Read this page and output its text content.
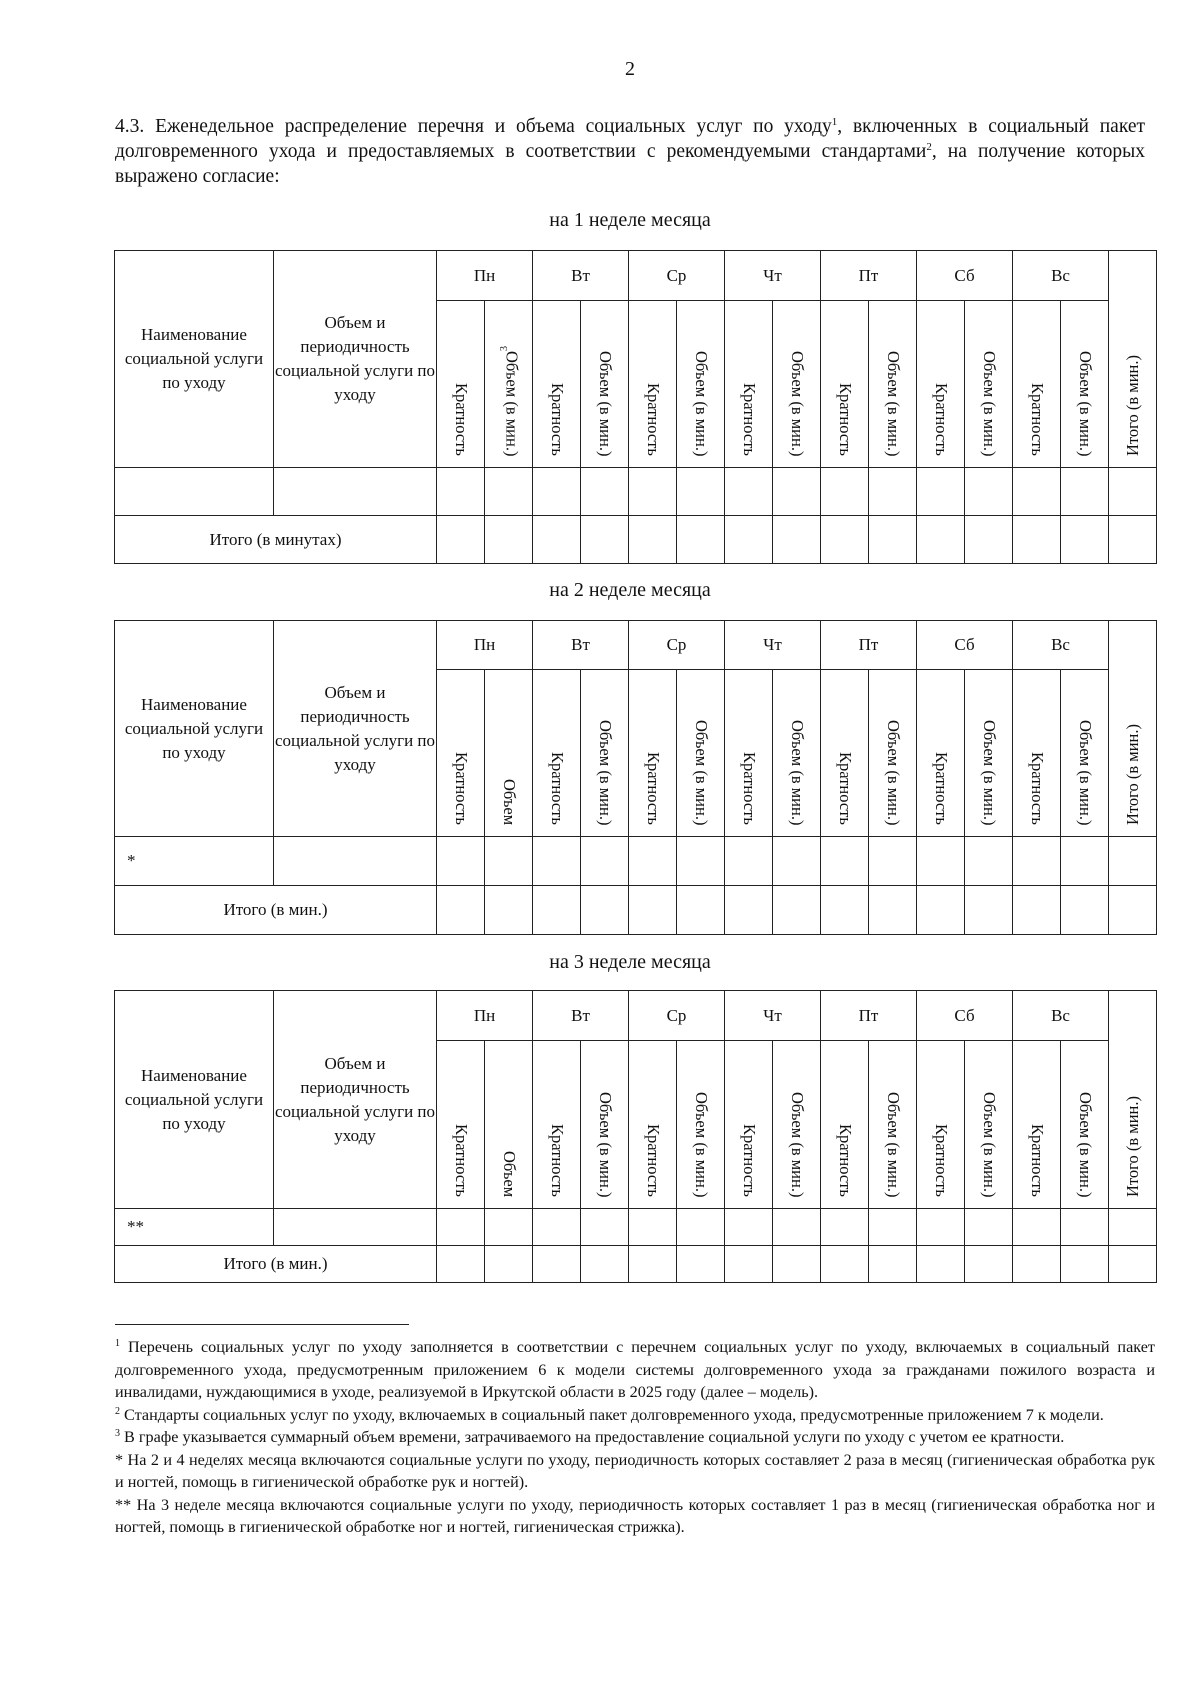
2
4.3. Еженедельное распределение перечня и объема социальных услуг по уходу$^1$, включенных в социальный пакет долговременного ухода и предоставляемых в соответствии с рекомендуемыми стандартами$^2$, на получение которых выражено согласие:
на 1 неделе месяца
Наименование социальной услуги по уходу	Объем и периодичность социальной услуги по уходу	Пн		Вт		Ср		Чт		Пт		Сб		Вс		Итого (в мин.)
		Кратность	Объем (в мин.)$^3$	Кратность	Объем (в мин.)	Кратность	Объем (в мин.)	Кратность	Объем (в мин.)	Кратность	Объем (в мин.)	Кратность	Объем (в мин.)	Кратность	Объем (в мин.)	

Итого (в минутах)																
на 2 неделе месяца
Наименование социальной услуги по уходу	Объем и периодичность социальной услуги по уходу	Пн		Вт		Ср		Чт		Пт		Сб		Вс		Итого (в мин.)
		Кратность	Объем	Кратность	Объем (в мин.)	Кратность	Объем (в мин.)	Кратность	Объем (в мин.)	Кратность	Объем (в мин.)	Кратность	Объем (в мин.)	Кратность	Объем (в мин.)	
*																
Итого (в мин.)																
на 3 неделе месяца
Наименование социальной услуги по уходу	Объем и периодичность социальной услуги по уходу	Пн		Вт		Ср		Чт		Пт		Сб		Вс		Итого (в мин.)
		Кратность	Объем	Кратность	Объем (в мин.)	Кратность	Объем (в мин.)	Кратность	Объем (в мин.)	Кратность	Объем (в мин.)	Кратность	Объем (в мин.)	Кратность	Объем (в мин.)	
**																
Итого (в мин.)																

$^1$ Перечень социальных услуг по уходу заполняется в соответствии с перечнем социальных услуг по уходу, включаемых в социальный пакет долговременного ухода, предусмотренным приложением 6 к модели системы долговременного ухода за гражданами пожилого возраста и инвалидами, нуждающимися в уходе, реализуемой в Иркутской области в 2025 году (далее – модель).

$^2$ Стандарты социальных услуг по уходу, включаемых в социальный пакет долговременного ухода, предусмотренные приложением 7 к модели.

$^3$ В графе указывается суммарный объем времени, затрачиваемого на предоставление социальной услуги по уходу с учетом ее кратности.

* На 2 и 4 неделях месяца включаются социальные услуги по уходу, периодичность которых составляет 2 раза в месяц (гигиеническая обработка рук и ногтей, помощь в гигиенической обработке рук и ногтей).

** На 3 неделе месяца включаются социальные услуги по уходу, периодичность которых составляет 1 раз в месяц (гигиеническая обработка ног и ногтей, помощь в гигиенической обработке ног и ногтей, гигиеническая стрижка).
